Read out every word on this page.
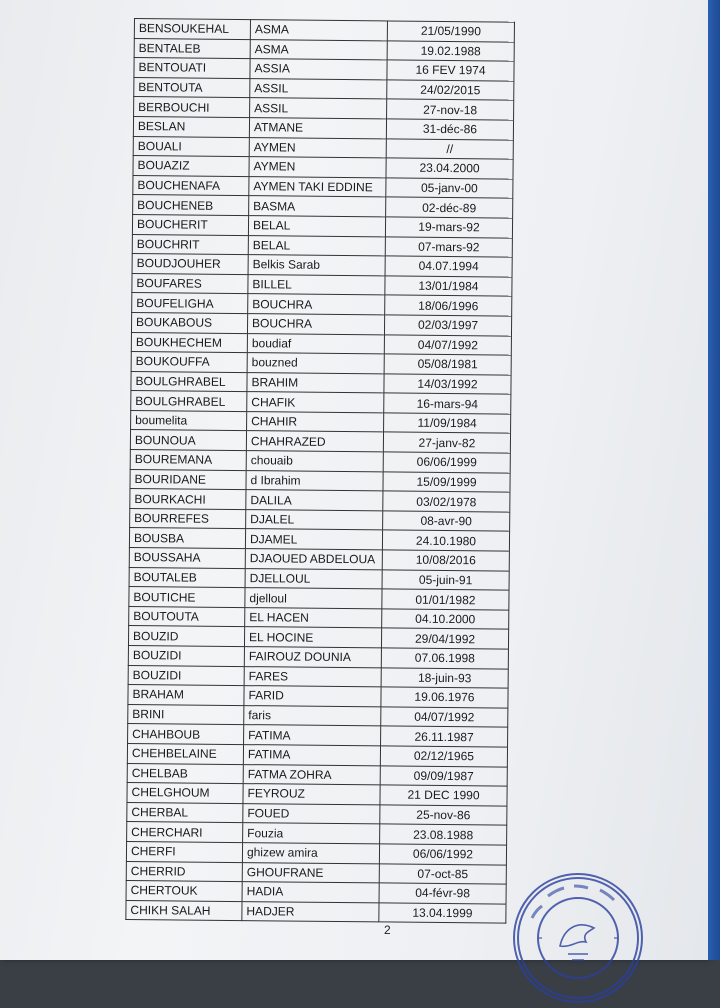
BENSOUKEHAL	ASMA	21/05/1990
BENTALEB	ASMA	19.02.1988
BENTOUATI	ASSIA	16 FEV 1974
BENTOUTA	ASSIL	24/02/2015
BERBOUCHI	ASSIL	27-nov-18
BESLAN	ATMANE	31-déc-86
BOUALI	AYMEN	//
BOUAZIZ	AYMEN	23.04.2000
BOUCHENAFA	AYMEN TAKI EDDINE	05-janv-00
BOUCHENEB	BASMA	02-déc-89
BOUCHERIT	BELAL	19-mars-92
BOUCHRIT	BELAL	07-mars-92
BOUDJOUHER	Belkis Sarab	04.07.1994
BOUFARES	BILLEL	13/01/1984
BOUFELIGHA	BOUCHRA	18/06/1996
BOUKABOUS	BOUCHRA	02/03/1997
BOUKHECHEM	boudiaf	04/07/1992
BOUKOUFFA	bouzned	05/08/1981
BOULGHRABEL	BRAHIM	14/03/1992
BOULGHRABEL	CHAFIK	16-mars-94
boumelita	CHAHIR	11/09/1984
BOUNOUA	CHAHRAZED	27-janv-82
BOUREMANA	chouaib	06/06/1999
BOURIDANE	d Ibrahim	15/09/1999
BOURKACHI	DALILA	03/02/1978
BOURREFES	DJALEL	08-avr-90
BOUSBA	DJAMEL	24.10.1980
BOUSSAHA	DJAOUED ABDELOUA	10/08/2016
BOUTALEB	DJELLOUL	05-juin-91
BOUTICHE	djelloul	01/01/1982
BOUTOUTA	EL HACEN	04.10.2000
BOUZID	EL HOCINE	29/04/1992
BOUZIDI	FAIROUZ DOUNIA	07.06.1998
BOUZIDI	FARES	18-juin-93
BRAHAM	FARID	19.06.1976
BRINI	faris	04/07/1992
CHAHBOUB	FATIMA	26.11.1987
CHEHBELAINE	FATIMA	02/12/1965
CHELBAB	FATMA ZOHRA	09/09/1987
CHELGHOUM	FEYROUZ	21 DEC 1990
CHERBAL	FOUED	25-nov-86
CHERCHARI	Fouzia	23.08.1988
CHERFI	ghizew amira	06/06/1992
CHERRID	GHOUFRANE	07-oct-85
CHERTOUK	HADIA	04-févr-98
CHIKH SALAH	HADJER	13.04.1999
2
